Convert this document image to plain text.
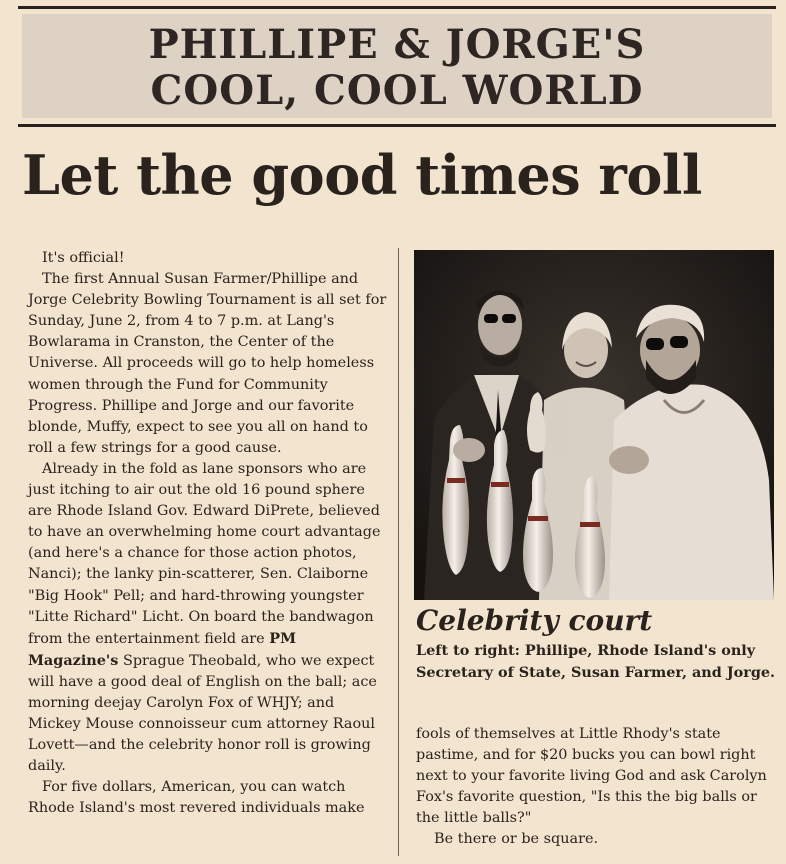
PHILLIPE & JORGE'S
COOL, COOL WORLD
Let the good times roll

It's official!

The first Annual Susan Farmer/Phillipe and Jorge Celebrity Bowling Tournament is all set for Sunday, June 2, from 4 to 7 p.m. at Lang's Bowlarama in Cranston, the Center of the Universe. All proceeds will go to help homeless women through the Fund for Community Progress. Phillipe and Jorge and our favorite blonde, Muffy, expect to see you all on hand to roll a few strings for a good cause.

Already in the fold as lane sponsors who are just itching to air out the old 16 pound sphere are Rhode Island Gov. Edward DiPrete, believed to have an overwhelming home court advantage (and here's a chance for those action photos, Nanci); the lanky pin-scatterer, Sen. Claiborne "Big Hook" Pell; and hard-throwing youngster "Litte Richard" Licht. On board the bandwagon from the entertainment field are PM Magazine's Sprague Theobald, who we expect will have a good deal of English on the ball; ace morning deejay Carolyn Fox of WHJY; and Mickey Mouse connoisseur cum attorney Raoul Lovett—and the celebrity honor roll is growing daily.

For five dollars, American, you can watch Rhode Island's most revered individuals make

Celebrity court
Left to right: Phillipe, Rhode Island's only Secretary of State, Susan Farmer, and Jorge.

fools of themselves at Little Rhody's state pastime, and for $20 bucks you can bowl right next to your favorite living God and ask Carolyn Fox's favorite question, "Is this the big balls or the little balls?"

Be there or be square.
